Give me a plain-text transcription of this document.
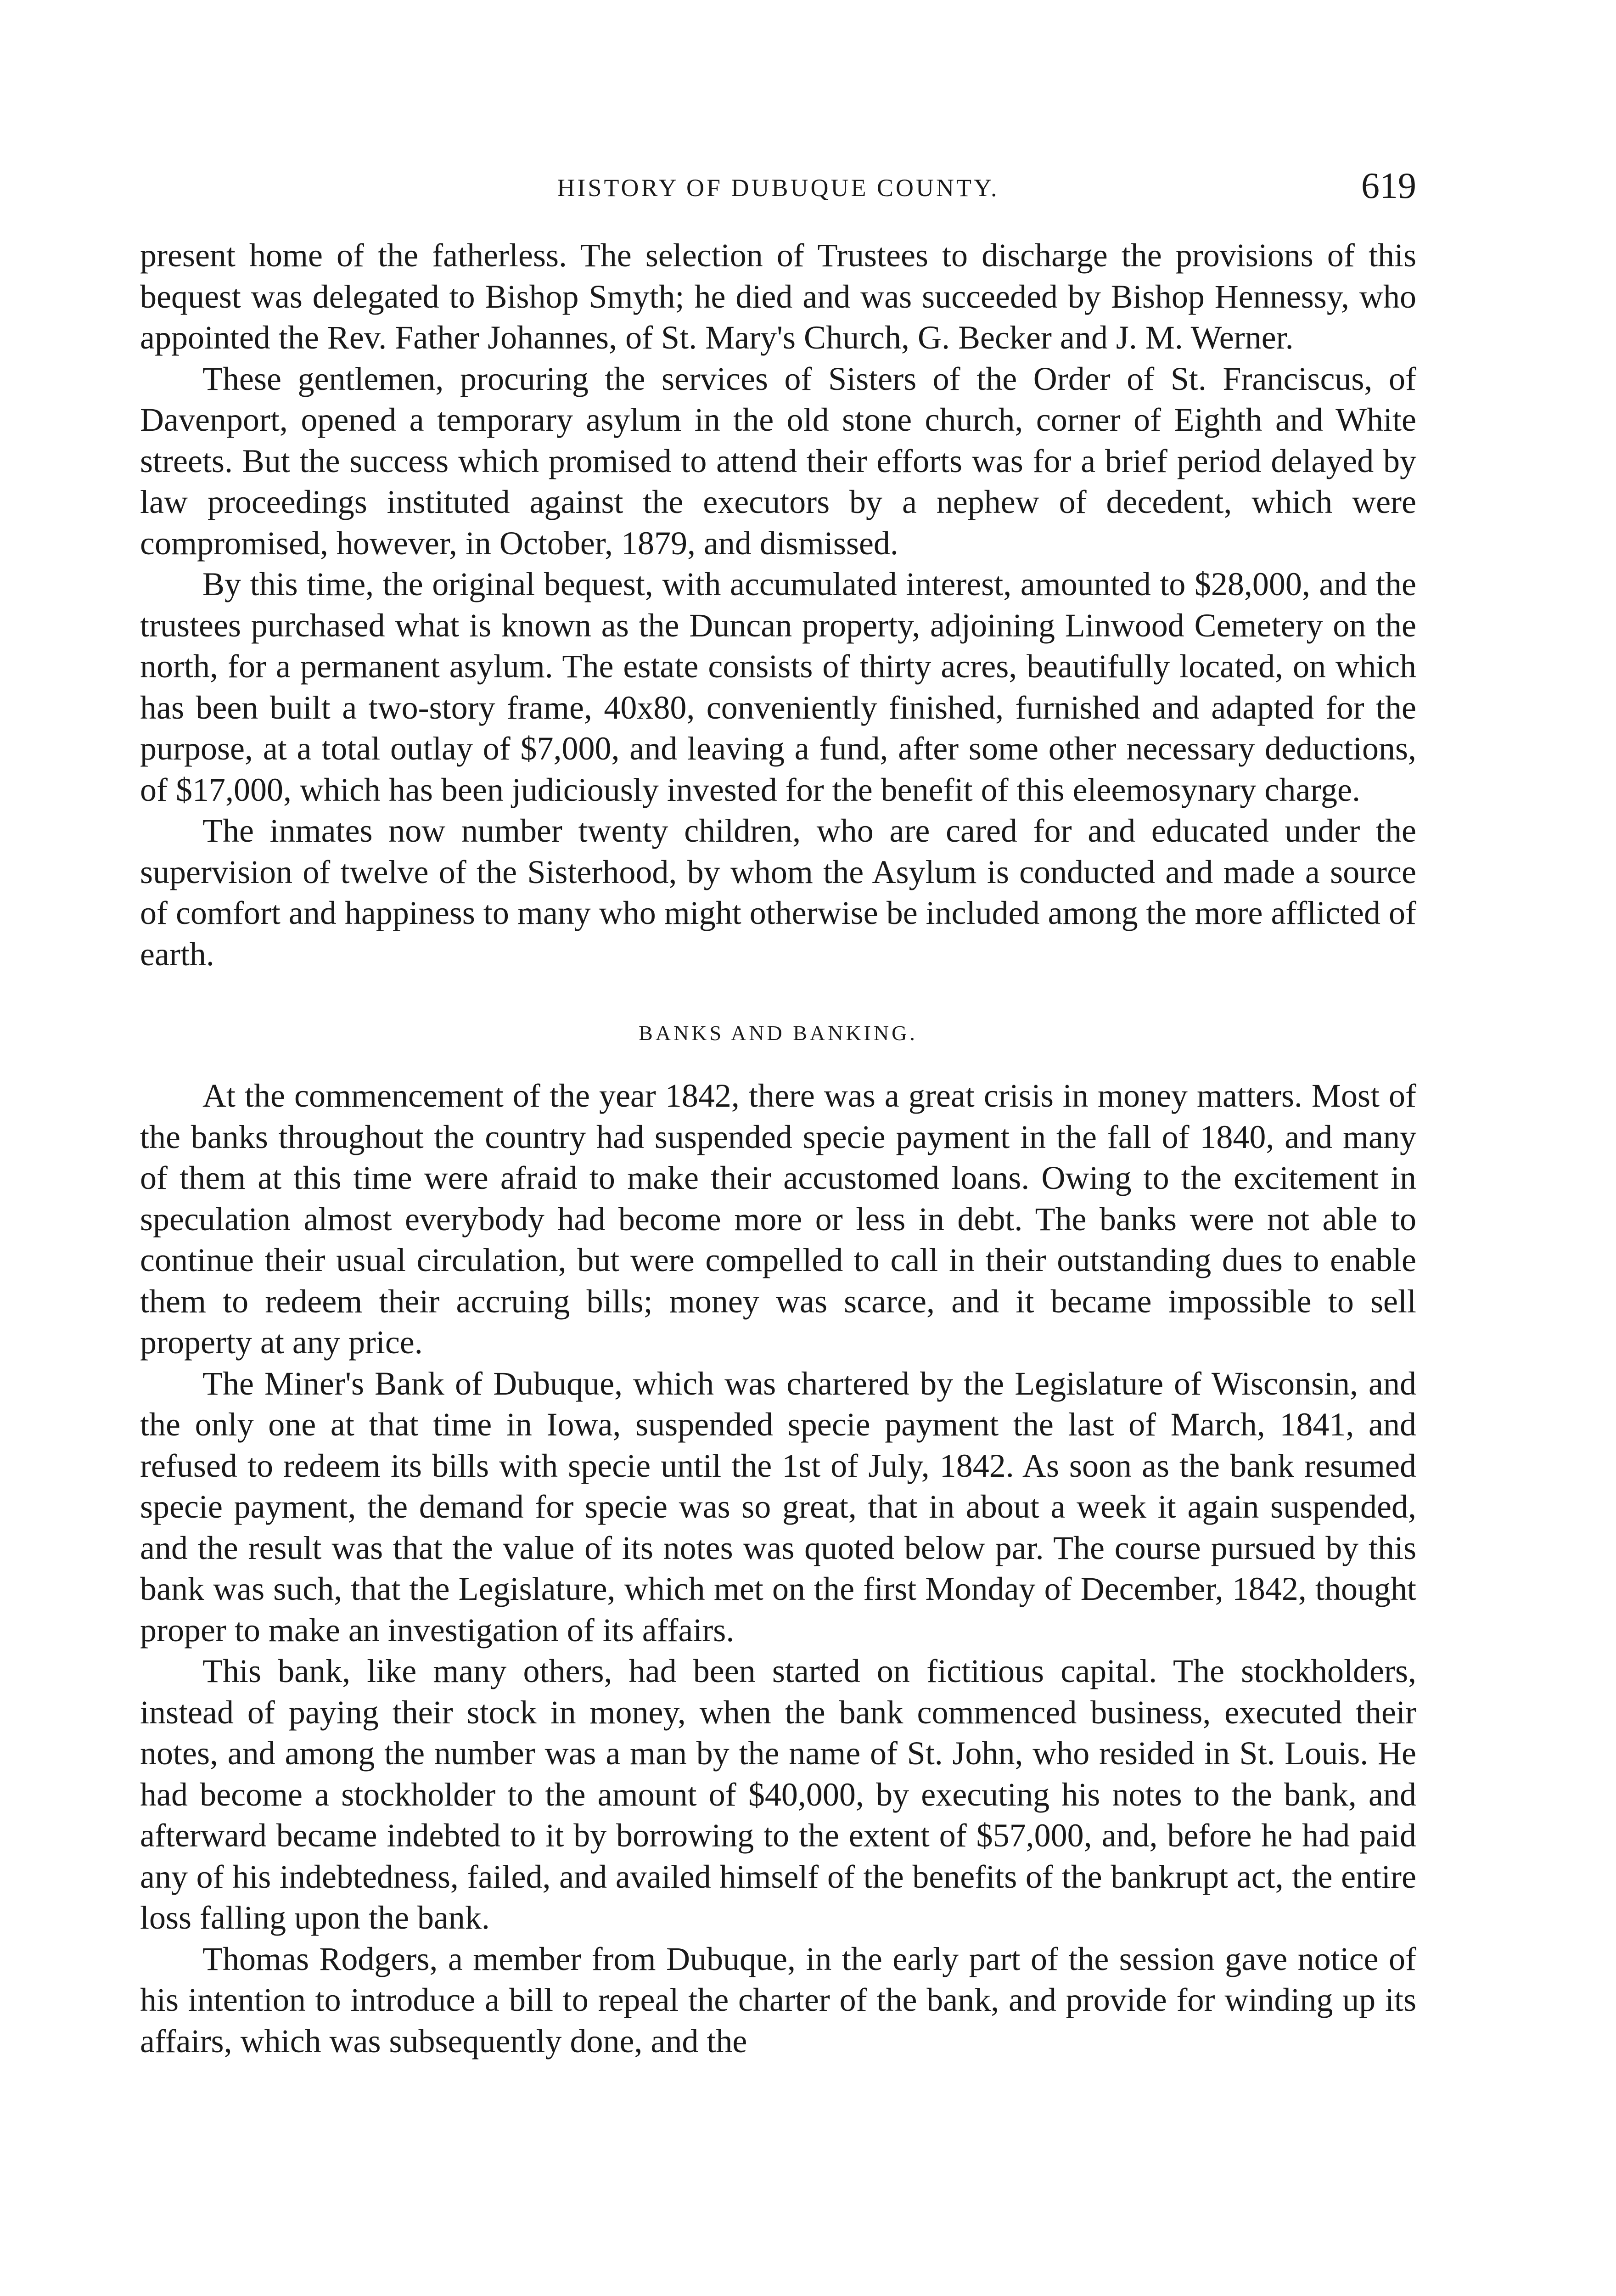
HISTORY OF DUBUQUE COUNTY.	619

present home of the fatherless. The selection of Trustees to discharge the provisions of this bequest was delegated to Bishop Smyth; he died and was succeeded by Bishop Hennessy, who appointed the Rev. Father Johannes, of St. Mary's Church, G. Becker and J. M. Werner.

These gentlemen, procuring the services of Sisters of the Order of St. Franciscus, of Davenport, opened a temporary asylum in the old stone church, corner of Eighth and White streets. But the success which promised to attend their efforts was for a brief period delayed by law proceedings instituted against the executors by a nephew of decedent, which were compromised, however, in October, 1879, and dismissed.

By this time, the original bequest, with accumulated interest, amounted to $28,000, and the trustees purchased what is known as the Duncan property, adjoining Linwood Cemetery on the north, for a permanent asylum. The estate consists of thirty acres, beautifully located, on which has been built a two-story frame, 40x80, conveniently finished, furnished and adapted for the purpose, at a total outlay of $7,000, and leaving a fund, after some other necessary deductions, of $17,000, which has been judiciously invested for the benefit of this eleemosynary charge.

The inmates now number twenty children, who are cared for and educated under the supervision of twelve of the Sisterhood, by whom the Asylum is conducted and made a source of comfort and happiness to many who might otherwise be included among the more afflicted of earth.

BANKS AND BANKING.

At the commencement of the year 1842, there was a great crisis in money matters. Most of the banks throughout the country had suspended specie payment in the fall of 1840, and many of them at this time were afraid to make their accustomed loans. Owing to the excitement in speculation almost everybody had become more or less in debt. The banks were not able to continue their usual circulation, but were compelled to call in their outstanding dues to enable them to redeem their accruing bills; money was scarce, and it became impossible to sell property at any price.

The Miner's Bank of Dubuque, which was chartered by the Legislature of Wisconsin, and the only one at that time in Iowa, suspended specie payment the last of March, 1841, and refused to redeem its bills with specie until the 1st of July, 1842. As soon as the bank resumed specie payment, the demand for specie was so great, that in about a week it again suspended, and the result was that the value of its notes was quoted below par. The course pursued by this bank was such, that the Legislature, which met on the first Monday of December, 1842, thought proper to make an investigation of its affairs.

This bank, like many others, had been started on fictitious capital. The stockholders, instead of paying their stock in money, when the bank commenced business, executed their notes, and among the number was a man by the name of St. John, who resided in St. Louis. He had become a stockholder to the amount of $40,000, by executing his notes to the bank, and afterward became indebted to it by borrowing to the extent of $57,000, and, before he had paid any of his indebtedness, failed, and availed himself of the benefits of the bankrupt act, the entire loss falling upon the bank.

Thomas Rodgers, a member from Dubuque, in the early part of the session gave notice of his intention to introduce a bill to repeal the charter of the bank, and provide for winding up its affairs, which was subsequently done, and the
